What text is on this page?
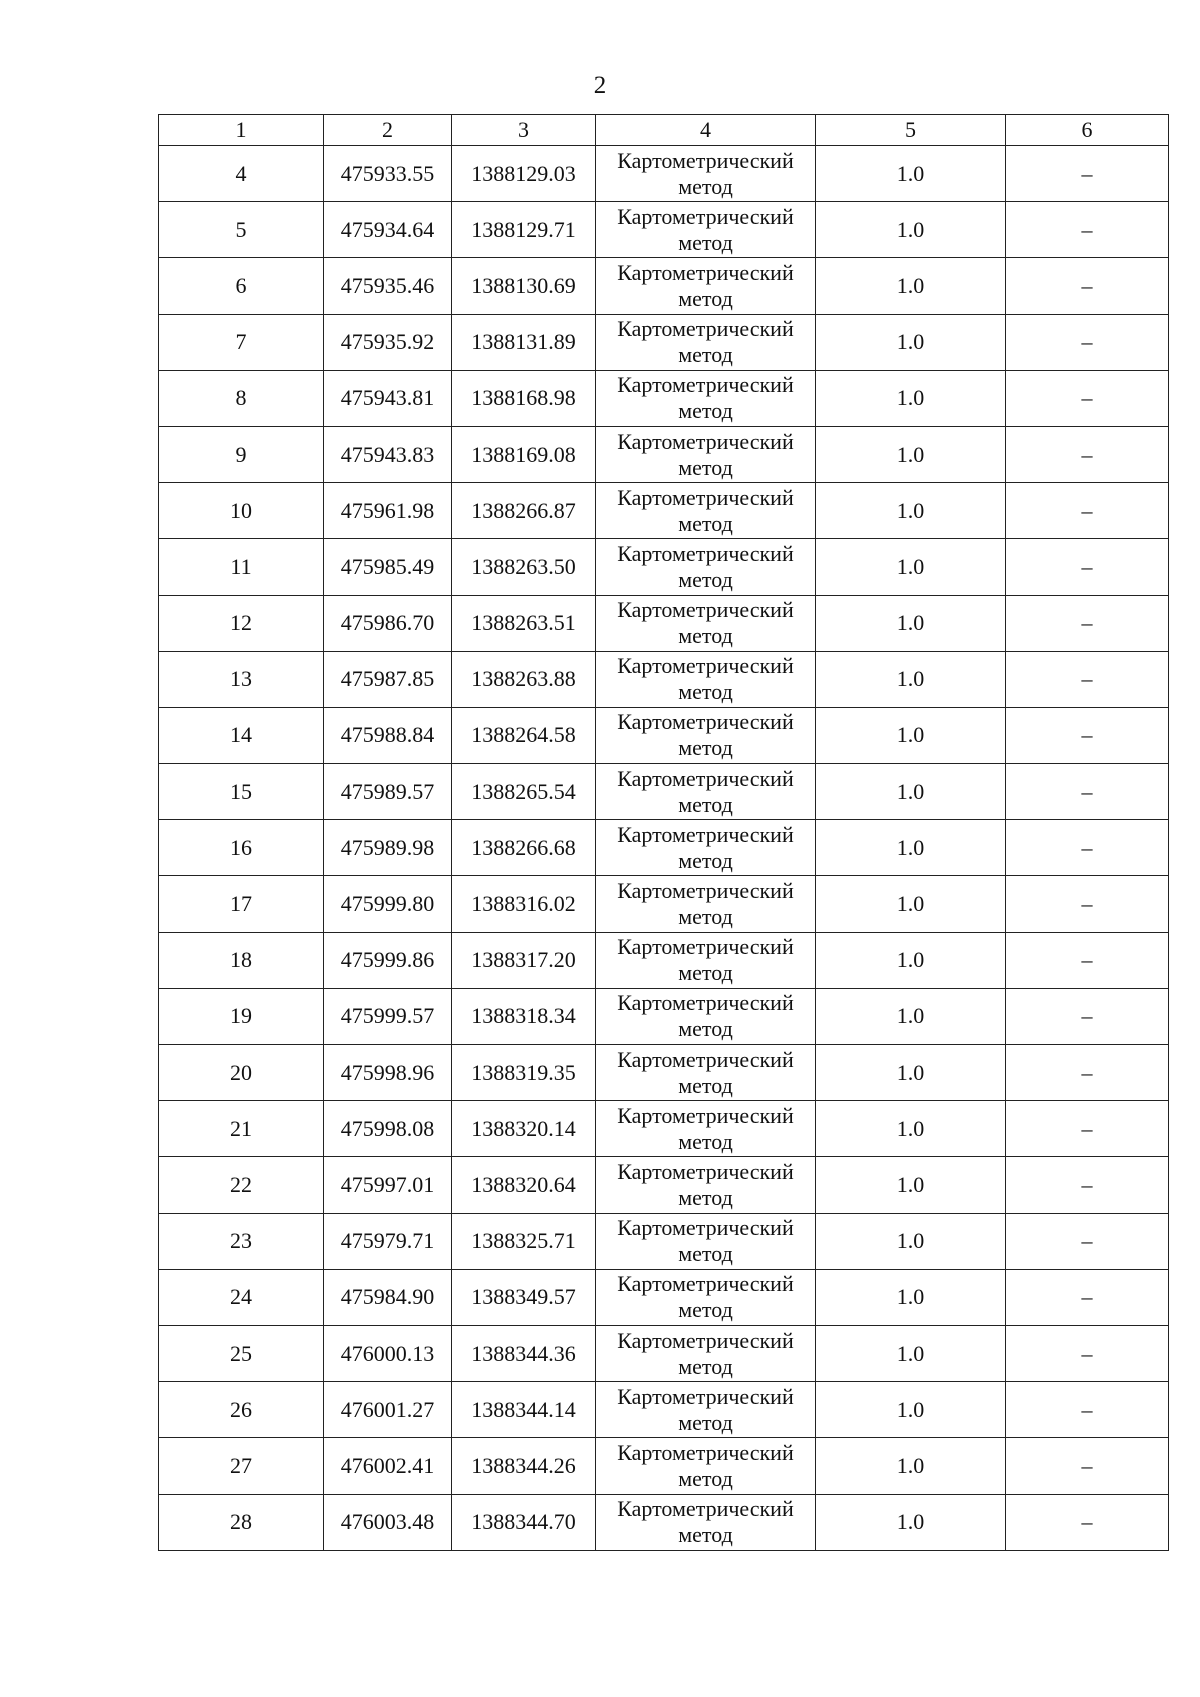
2
1	2	3	4	5	6
4	475933.55	1388129.03	Картометрический метод	1.0	–
5	475934.64	1388129.71	Картометрический метод	1.0	–
6	475935.46	1388130.69	Картометрический метод	1.0	–
7	475935.92	1388131.89	Картометрический метод	1.0	–
8	475943.81	1388168.98	Картометрический метод	1.0	–
9	475943.83	1388169.08	Картометрический метод	1.0	–
10	475961.98	1388266.87	Картометрический метод	1.0	–
11	475985.49	1388263.50	Картометрический метод	1.0	–
12	475986.70	1388263.51	Картометрический метод	1.0	–
13	475987.85	1388263.88	Картометрический метод	1.0	–
14	475988.84	1388264.58	Картометрический метод	1.0	–
15	475989.57	1388265.54	Картометрический метод	1.0	–
16	475989.98	1388266.68	Картометрический метод	1.0	–
17	475999.80	1388316.02	Картометрический метод	1.0	–
18	475999.86	1388317.20	Картометрический метод	1.0	–
19	475999.57	1388318.34	Картометрический метод	1.0	–
20	475998.96	1388319.35	Картометрический метод	1.0	–
21	475998.08	1388320.14	Картометрический метод	1.0	–
22	475997.01	1388320.64	Картометрический метод	1.0	–
23	475979.71	1388325.71	Картометрический метод	1.0	–
24	475984.90	1388349.57	Картометрический метод	1.0	–
25	476000.13	1388344.36	Картометрический метод	1.0	–
26	476001.27	1388344.14	Картометрический метод	1.0	–
27	476002.41	1388344.26	Картометрический метод	1.0	–
28	476003.48	1388344.70	Картометрический метод	1.0	–
